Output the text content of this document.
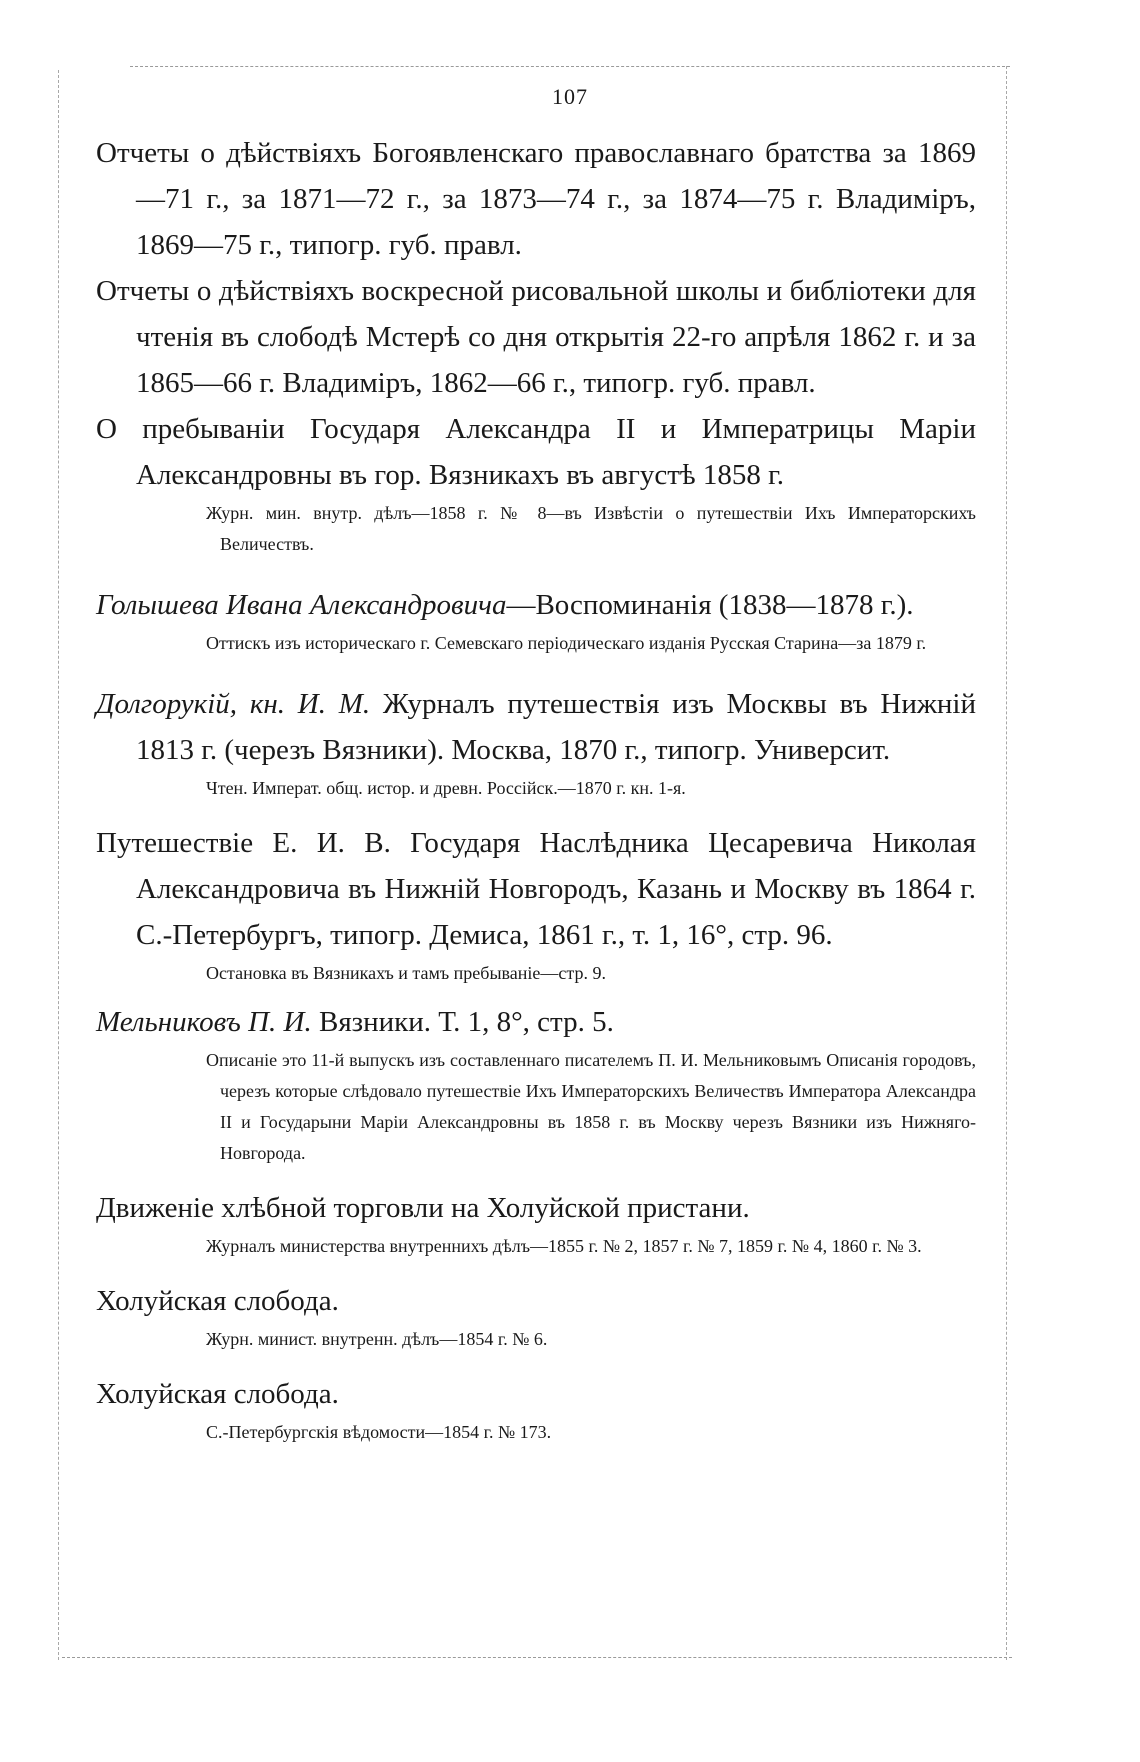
107

Отчеты о дѣйствіяхъ Богоявленскаго православнаго братства за 1869—71 г., за 1871—72 г., за 1873—74 г., за 1874—75 г. Владиміръ, 1869—75 г., типогр. губ. правл.

Отчеты о дѣйствіяхъ воскресной рисовальной школы и библіотеки для чтенія въ слободѣ Мстерѣ со дня открытія 22-го апрѣля 1862 г. и за 1865—66 г. Владиміръ, 1862—66 г., типогр. губ. правл.

О пребываніи Государя Александра II и Императрицы Маріи Александровны въ гор. Вязникахъ въ августѣ 1858 г.

Журн. мин. внутр. дѣлъ—1858 г. № 8—въ Извѣстіи о путешествіи Ихъ Императорскихъ Величествъ.

Голышева Ивана Александровича—Воспоминанія (1838—1878 г.).

Оттискъ изъ историческаго г. Семевскаго періодическаго изданія Русская Старина—за 1879 г.

Долгорукій, кн. И. М. Журналъ путешествія изъ Москвы въ Нижній 1813 г. (черезъ Вязники). Москва, 1870 г., типогр. Университ.

Чтен. Императ. общ. истор. и древн. Россійск.—1870 г. кн. 1-я.

Путешествіе Е. И. В. Государя Наслѣдника Цесаревича Николая Александровича въ Нижній Новгородъ, Казань и Москву въ 1864 г. С.-Петербургъ, типогр. Демиса, 1861 г., т. 1, 16°, стр. 96.

Остановка въ Вязникахъ и тамъ пребываніе—стр. 9.

Мельниковъ П. И. Вязники. Т. 1, 8°, стр. 5.

Описаніе это 11-й выпускъ изъ составленнаго писателемъ П. И. Мельниковымъ Описанія городовъ, черезъ которые слѣдовало путешествіе Ихъ Императорскихъ Величествъ Императора Александра II и Государыни Маріи Александровны въ 1858 г. въ Москву черезъ Вязники изъ Нижняго-Новгорода.

Движеніе хлѣбной торговли на Холуйской пристани.

Журналъ министерства внутреннихъ дѣлъ—1855 г. № 2, 1857 г. № 7, 1859 г. № 4, 1860 г. № 3.

Холуйская слобода.

Журн. минист. внутренн. дѣлъ—1854 г. № 6.

Холуйская слобода.

С.-Петербургскія вѣдомости—1854 г. № 173.
